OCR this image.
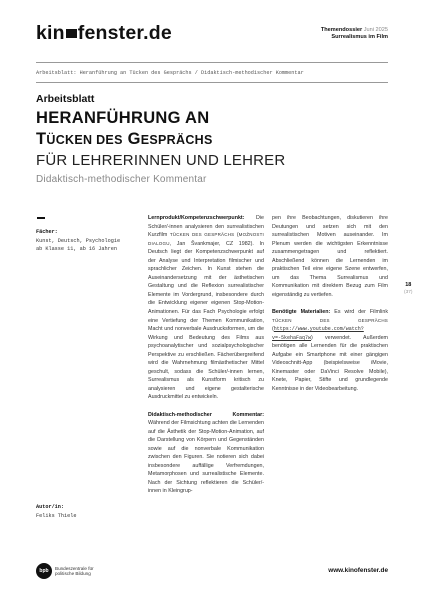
kin fenster.de	Themendossier Juni 2025
Surrealismus im Film
Arbeitsblatt: Heranführung an Tücken des Gesprächs / Didaktisch-methodischer Kommentar
Arbeitsblatt
HERANFÜHRUNG AN
TÜCKEN DES GESPRÄCHS
FÜR LEHRERINNEN UND LEHRER
Didaktisch-methodischer Kommentar
Fächer:
Kunst, Deutsch, Psychologie
ab Klasse 11, ab 16 Jahren
Autor/in:
Feliks Thiele

Lernprodukt/Kompetenzschwerpunkt: Die Schüler/-innen analysieren den surrealistischen Kurzfilm TÜCKEN DES GESPRÄCHS (MOŽNOSTI DIALOGU, Jan Švankmajer, CZ 1982). In Deutsch liegt der Kompetenzschwerpunkt auf der Analyse und Interpretation filmischer und sprachlicher Zeichen. In Kunst stehen die Auseinandersetzung mit der ästhetischen Gestaltung und die Reflexion surrealistischer Elemente im Vordergrund, insbesondere durch die Entwicklung eigener eigenen Stop-Motion-Animationen. Für das Fach Psychologie erfolgt eine Vertiefung der Themen Kommunikation, Macht und nonverbale Ausdrucksformen, um die Wirkung und Bedeutung des Films aus psychoanalytischer und sozialpsychologischer Perspektive zu erschließen. Fächerübergreifend wird die Wahrnehmung filmästhetischer Mittel geschult, sodass die Schüler/-innen lernen, Surrealismus als Kunstform kritisch zu analysieren und eigene gestalterische Ausdruckmittel zu entwickeln.

Didaktisch-methodischer Kommentar: Während der Filmsichtung achten die Lernenden auf die Ästhetik der Stop-Motion-Animation, auf die Darstellung von Körpern und Gegenständen sowie auf die nonverbale Kommunikation zwischen den Figuren. Sie notieren sich dabei insbesondere auffällige Verfremdungen, Metamorphosen und surrealistische Elemente. Nach der Sichtung reflektieren die Schüler/-innen in Kleingrup-

pen ihre Beobachtungen, diskutieren ihre Deutungen und setzen sich mit den surrealistischen Motiven auseinander. Im Plenum werden die wichtigsten Erkenntnisse zusammengetragen und reflektiert. Abschließend können die Lernenden im praktischen Teil eine eigene Szene entwerfen, um das Thema Surrealismus und Kommunikation mit direktem Bezug zum Film eigenständig zu vertiefen.

Benötigte Materialien: Es wird der Filmlink TÜCKEN DES GESPRÄCHS (https://www.youtube.com/watch?v=-5kehaFaq7w) verwendet. Außerdem benötigen alle Lernenden für die praktischen Aufgabe ein Smartphone mit einer gängigen Videoschnitt-App (beispielsweise iMovie, Kinemaster oder DaVinci Resolve Mobile), Knete, Papier, Stifte und grundlegende Kenntnisse in der Videobearbeitung.

18
(37)
bpb	Bundeszentrale für
politische Bildung	www.kinofenster.de
